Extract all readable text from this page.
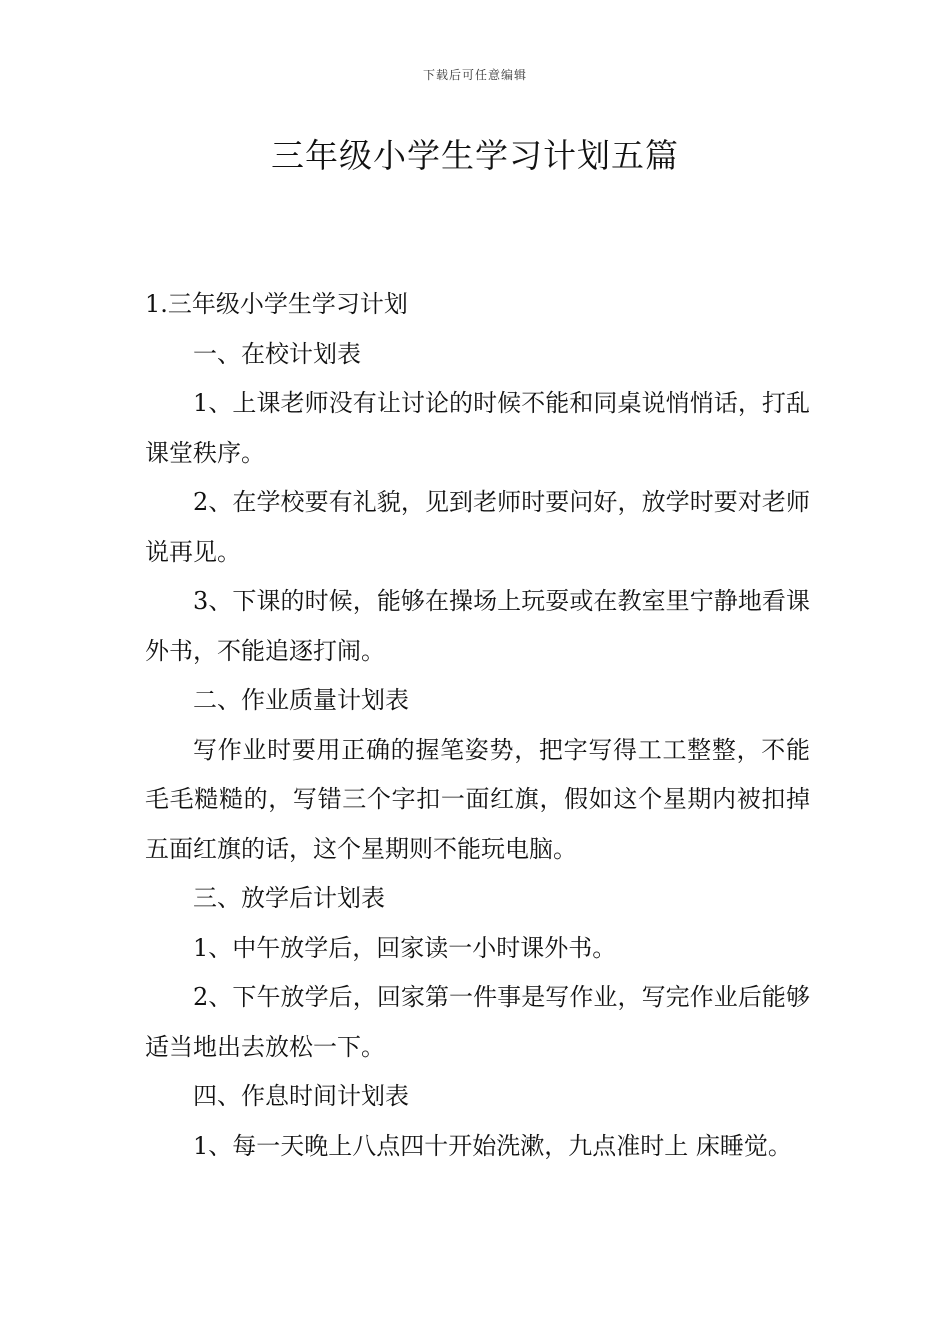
下载后可任意编辑
三年级小学生学习计划五篇

1.三年级小学生学习计划

一、在校计划表

1、上课老师没有让讨论的时候不能和同桌说悄悄话，打乱课堂秩序。

2、在学校要有礼貌，见到老师时要问好，放学时要对老师说再见。

3、下课的时候，能够在操场上玩耍或在教室里宁静地看课外书，不能追逐打闹。

二、作业质量计划表

写作业时要用正确的握笔姿势，把字写得工工整整，不能毛毛糙糙的，写错三个字扣一面红旗，假如这个星期内被扣掉五面红旗的话，这个星期则不能玩电脑。

三、放学后计划表

1、中午放学后，回家读一小时课外书。

2、下午放学后，回家第一件事是写作业，写完作业后能够适当地出去放松一下。

四、作息时间计划表

1、每一天晚上八点四十开始洗漱，九点准时上 床睡觉。
